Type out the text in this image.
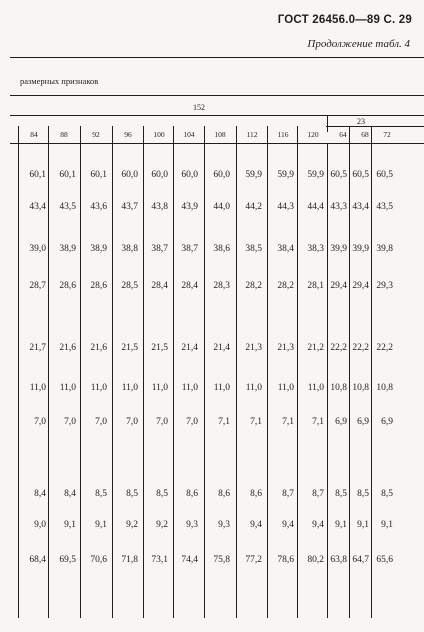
ГОСТ 26456.0—89 С. 29
Продолжение табл. 4
размерных признаков
152
23
84	88	92	96	100	104	108	112	116	120	64	68	72
60,1	60,1	60,1	60,0	60,0	60,0	60,0	59,9	59,9	59,9 60,5 60,5 60,5
43,4	43,5	43,6	43,7	43,8	43,9	44,0	44,2	44,3	44,4 43,3 43,4 43,5
39,0	38,9	38,9	38,8	38,7	38,7	38,6	38,5	38,4	38,3 39,9 39,9 39,8
28,7	28,6	28,6	28,5	28,4	28,4	28,3	28,2	28,2	28,1 29,4 29,4 29,3
21,7	21,6	21,6	21,5	21,5	21,4	21,4	21,3	21,3	21,2 22,2 22,2 22,2
11,0	11,0	11,0	11,0	11,0	11,0	11,0	11,0	11,0	11,0 10,8 10,8 10,8
7,0	7,0	7,0	7,0	7,0	7,0	7,1	7,1	7,1	7,1	6,9	6,9	6,9
8,4	8,4	8,5	8,5	8,5	8,6	8,6	8,6	8,7	8,7	8,5	8,5	8,5
9,0	9,1	9,1	9,2	9,2	9,3	9,3	9,4	9,4	9,4	9,1	9,1	9,1
68,4	69,5	70,6	71,8	73,1	74,4	75,8	77,2	78,6	80,2 63,8 64,7 65,6
